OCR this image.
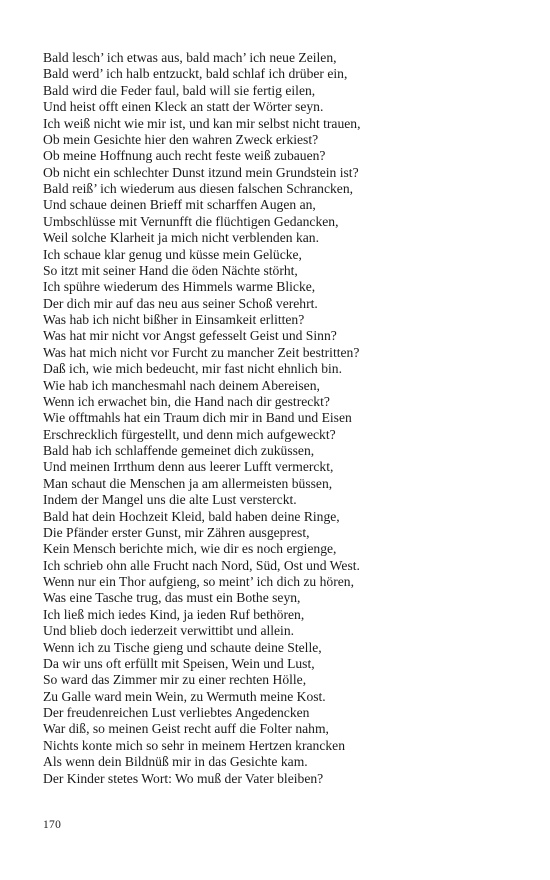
Bald lesch’ ich etwas aus, bald mach’ ich neue Zeilen,
Bald werd’ ich halb entzuckt, bald schlaf ich drüber ein,
Bald wird die Feder faul, bald will sie fertig eilen,
Und heist offt einen Kleck an statt der Wörter seyn.
Ich weiß nicht wie mir ist, und kan mir selbst nicht trauen,
Ob mein Gesichte hier den wahren Zweck erkiest?
Ob meine Hoffnung auch recht feste weiß zubauen?
Ob nicht ein schlechter Dunst itzund mein Grundstein ist?
Bald reiß’ ich wiederum aus diesen falschen Schrancken,
Und schaue deinen Brieff mit scharffen Augen an,
Umbschlüsse mit Vernunfft die flüchtigen Gedancken,
Weil solche Klarheit ja mich nicht verblenden kan.
Ich schaue klar genug und küsse mein Gelücke,
So itzt mit seiner Hand die öden Nächte störht,
Ich spühre wiederum des Himmels warme Blicke,
Der dich mir auf das neu aus seiner Schoß verehrt.
Was hab ich nicht bißher in Einsamkeit erlitten?
Was hat mir nicht vor Angst gefesselt Geist und Sinn?
Was hat mich nicht vor Furcht zu mancher Zeit bestritten?
Daß ich, wie mich bedeucht, mir fast nicht ehnlich bin.
Wie hab ich manchesmahl nach deinem Abereisen,
Wenn ich erwachet bin, die Hand nach dir gestreckt?
Wie offtmahls hat ein Traum dich mir in Band und Eisen
Erschrecklich fürgestellt, und denn mich aufgeweckt?
Bald hab ich schlaffende gemeinet dich zuküssen,
Und meinen Irrthum denn aus leerer Lufft vermerckt,
Man schaut die Menschen ja am allermeisten büssen,
Indem der Mangel uns die alte Lust versterckt.
Bald hat dein Hochzeit Kleid, bald haben deine Ringe,
Die Pfänder erster Gunst, mir Zähren ausgeprest,
Kein Mensch berichte mich, wie dir es noch ergienge,
Ich schrieb ohn alle Frucht nach Nord, Süd, Ost und West.
Wenn nur ein Thor aufgieng, so meint’ ich dich zu hören,
Was eine Tasche trug, das must ein Bothe seyn,
Ich ließ mich iedes Kind, ja ieden Ruf bethören,
Und blieb doch iederzeit verwittibt und allein.
Wenn ich zu Tische gieng und schaute deine Stelle,
Da wir uns oft erfüllt mit Speisen, Wein und Lust,
So ward das Zimmer mir zu einer rechten Hölle,
Zu Galle ward mein Wein, zu Wermuth meine Kost.
Der freudenreichen Lust verliebtes Angedencken
War diß, so meinen Geist recht auff die Folter nahm,
Nichts konte mich so sehr in meinem Hertzen krancken
Als wenn dein Bildnüß mir in das Gesichte kam.
Der Kinder stetes Wort: Wo muß der Vater bleiben?
170
